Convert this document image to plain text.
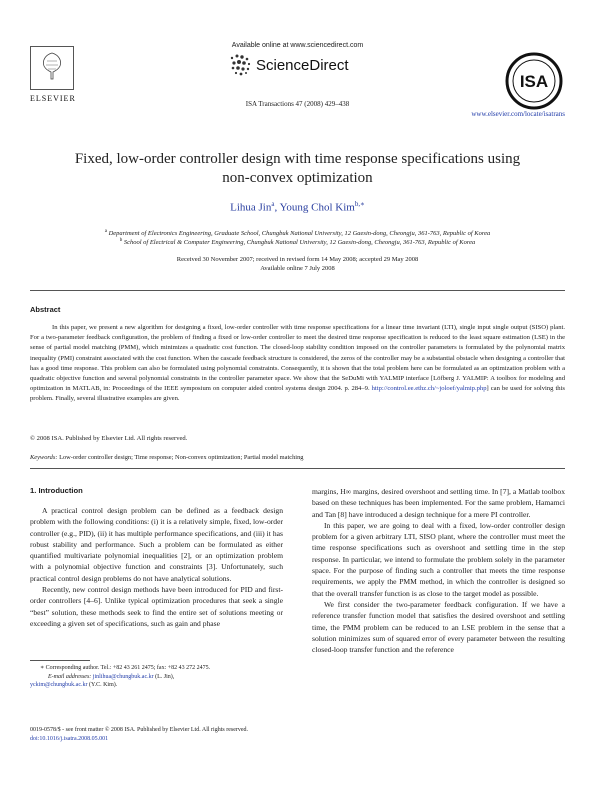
ELSEVIER
Available online at www.sciencedirect.com
ScienceDirect
ISA Transactions 47 (2008) 429–438
ISA
www.elsevier.com/locate/isatrans
Fixed, low-order controller design with time response specifications using
non-convex optimization
Lihua Jin$^a$, Young Chol Kim$^{b,∗}$
$^a$ Department of Electronics Engineering, Graduate School, Chungbuk National University, 12 Gaesin-dong, Cheongju, 361-763, Republic of Korea
$^b$ School of Electrical & Computer Engineering, Chungbuk National University, 12 Gaesin-dong, Cheongju, 361-763, Republic of Korea
Received 30 November 2007; received in revised form 14 May 2008; accepted 29 May 2008
Available online 7 July 2008
Abstract
In this paper, we present a new algorithm for designing a fixed, low-order controller with time response specifications for a linear time invariant (LTI), single input single output (SISO) plant. For a two-parameter feedback configuration, the problem of finding a fixed or low-order controller to meet the desired time response specification is reduced to the least square estimation (LSE) in the sense of partial model matching (PMM), which minimizes a quadratic cost function. The closed-loop stability condition imposed on the controller parameters is formulated by the polynomial matrix inequality (PMI) constraint associated with the cost function. When the cascade feedback structure is considered, the zeros of the controller may be a substantial obstacle when designing a controller that has a good time response. This problem can also be formulated using polynomial constraints. Consequently, it is shown that the total problem here can be formulated as an optimization problem with a quadratic objective function and several polynomial constraints in the controller parameter space. We show that the SeDuMi with YALMIP interface [Löfberg J. YALMIP: A toolbox for modeling and optimization in MATLAB, in: Proceedings of the IEEE symposium on computer aided control systems design 2004. p. 284–9. http://control.ee.ethz.ch/~joloef/yalmip.php] can be used for solving this problem. Finally, several illustrative examples are given.
© 2008 ISA. Published by Elsevier Ltd. All rights reserved.
Keywords: Low-order controller design; Time response; Non-convex optimization; Partial model matching
1. Introduction

A practical control design problem can be defined as a feedback design problem with the following conditions: (i) it is a relatively simple, fixed, low-order controller (e.g., PID), (ii) it has multiple performance specifications, and (iii) it has robust stability and performance. Such a problem can be formulated as either quantified multivariate polynomial inequalities [2], or an optimization problem with a polynomial objective function and constraints [3]. Unfortunately, such practical control design problems do not have analytical solutions.

Recently, new control design methods have been introduced for PID and first-order controllers [4–6]. Unlike typical optimization procedures that seek a single “best” solution, these methods seek to find the entire set of solutions meeting or exceeding a given set of specifications, such as gain and phase

margins, H∞ margins, desired overshoot and settling time. In [7], a Matlab toolbox based on these techniques has been implemented. For the same problem, Hamamci and Tan [8] have introduced a design technique for a mere PI controller.

In this paper, we are going to deal with a fixed, low-order controller design problem for a given arbitrary LTI, SISO plant, where the controller must meet the time response specifications such as overshoot and settling time in the step response. In particular, we intend to formulate the problem solely in the parameter space. For the purpose of finding such a controller that meets the time response requirements, we apply the PMM method, in which the controller is designed so that the overall transfer function is as close to the target model as possible.

We first consider the two-parameter feedback configuration. If we have a reference transfer function model that satisfies the desired overshoot and settling time, the PMM problem can be reduced to an LSE problem in the sense that a solution minimizes sum of squared error of every parameter between the resulting closed-loop transfer function and the reference

∗ Corresponding author. Tel.: +82 43 261 2475; fax: +82 43 272 2475.
E-mail addresses: jinlihua@chungbuk.ac.kr (L. Jin),
yckim@chungbuk.ac.kr (Y.C. Kim).
0019-0578/$ - see front matter © 2008 ISA. Published by Elsevier Ltd. All rights reserved.
doi:10.1016/j.isatra.2008.05.001
